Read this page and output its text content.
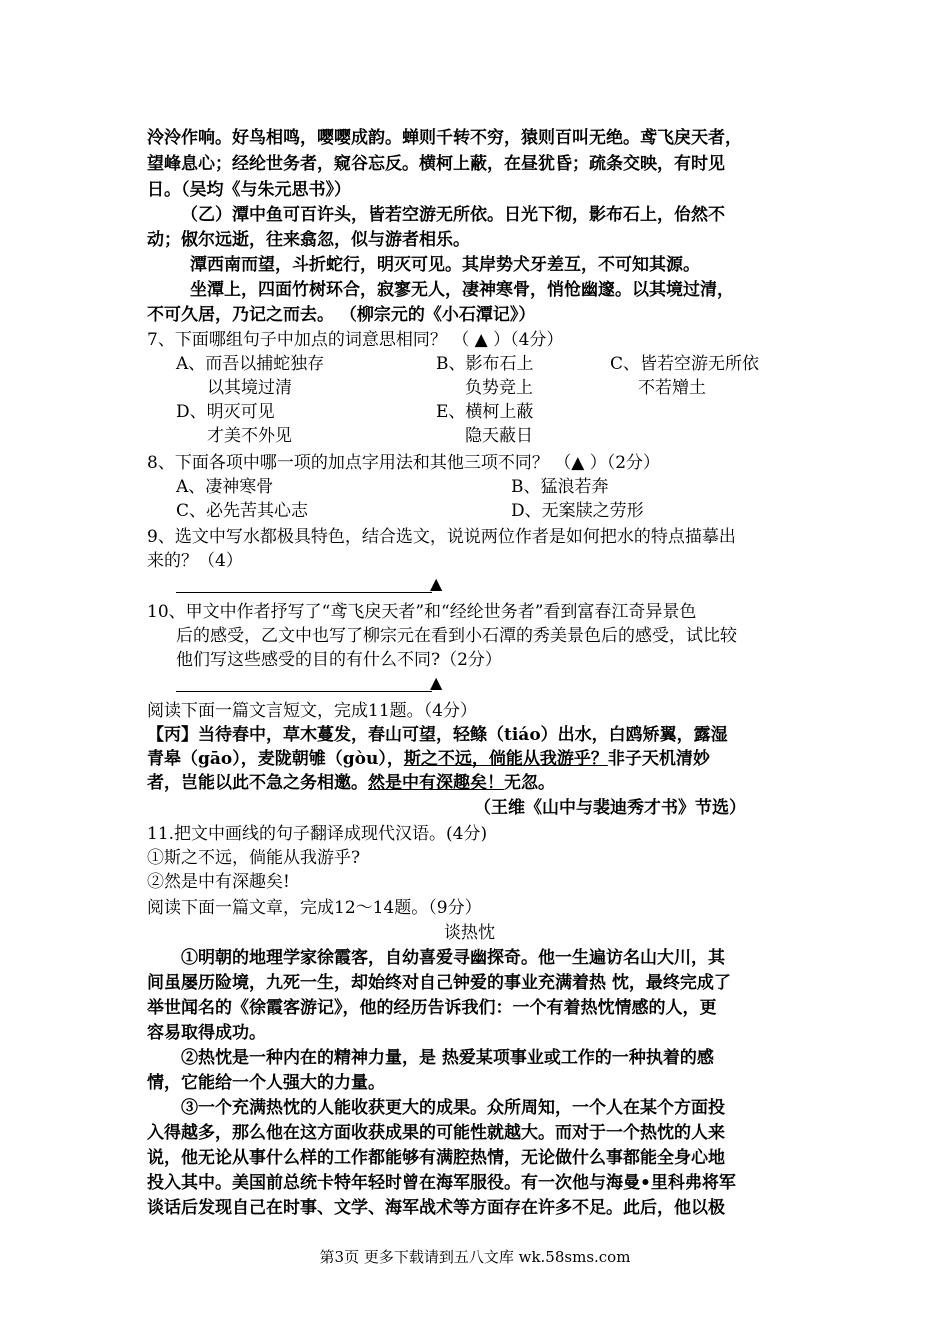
泠泠作响。好鸟相鸣，嘤嘤成韵。蝉则千转不穷，猿则百叫无绝。鸢飞戾天者，
望峰息心；经纶世务者，窥谷忘反。横柯上蔽，在昼犹昏；疏条交映，有时见
日。（吴均《与朱元思书》）
（乙）潭中鱼可百许头，皆若空游无所依。日光下彻，影布石上，佁然不
动；俶尔远逝，往来翕忽，似与游者相乐。
潭西南而望，斗折蛇行，明灭可见。其岸势犬牙差互，不可知其源。
坐潭上，四面竹树环合，寂寥无人，凄神寒骨，悄怆幽邃。以其境过清，
不可久居，乃记之而去。 （柳宗元的《小石潭记》）
7、下面哪组句子中加点的词意思相同？ （ ▲ ）（4分）
A、而吾以捕蛇独存
以其境过清
B、影布石上
负势竞上
C、皆若空游无所依
不若矰土
D、明灭可见
才美不外见
E、横柯上蔽
隐天蔽日
8、下面各项中哪一项的加点字用法和其他三项不同？ （▲ ）（2分）
A、凄神寒骨	B、猛浪若奔
C、必先苦其心志	D、无案牍之劳形
9、选文中写水都极具特色，结合选文，说说两位作者是如何把水的特点描摹出
来的？（4）
▲
10、甲文中作者抒写了“鸢飞戾天者”和“经纶世务者”看到富春江奇异景色
后的感受，乙文中也写了柳宗元在看到小石潭的秀美景色后的感受，试比较
他们写这些感受的目的有什么不同?（2分）
▲
阅读下面一篇文言短文，完成11题。（4分）
【丙】当待春中，草木蔓发，春山可望，轻鲦（tiáo）出水，白鸥矫翼，露湿
青皋（gāo），麦陇朝雊（gòu），斯之不远，倘能从我游乎？非子天机清妙
者，岂能以此不急之务相邀。然是中有深趣矣！无忽。
（王维《山中与裴迪秀才书》节选）
11.把文中画线的句子翻译成现代汉语。(4分)
①斯之不远，倘能从我游乎?
②然是中有深趣矣!
阅读下面一篇文章，完成12～14题。（9分）
谈热忱
①明朝的地理学家徐霞客，自幼喜爱寻幽探奇。他一生遍访名山大川，其
间虽屡历险境，九死一生，却始终对自己钟爱的事业充满着热 忱，最终完成了
举世闻名的《徐霞客游记》，他的经历告诉我们：一个有着热忱情感的人，更
容易取得成功。
②热忱是一种内在的精神力量，是 热爱某项事业或工作的一种执着的感
情，它能给一个人强大的力量。
③一个充满热忱的人能收获更大的成果。众所周知，一个人在某个方面投
入得越多，那么他在这方面收获成果的可能性就越大。而对于一个热忱的人来
说，他无论从事什么样的工作都能够有满腔热情，无论做什么事都能全身心地
投入其中。美国前总统卡特年轻时曾在海军服役。有一次他与海曼•里科弗将军
谈话后发现自己在时事、文学、海军战术等方面存在许多不足。此后，他以极
第3页 更多下载请到五八文库 wk.58sms.com
